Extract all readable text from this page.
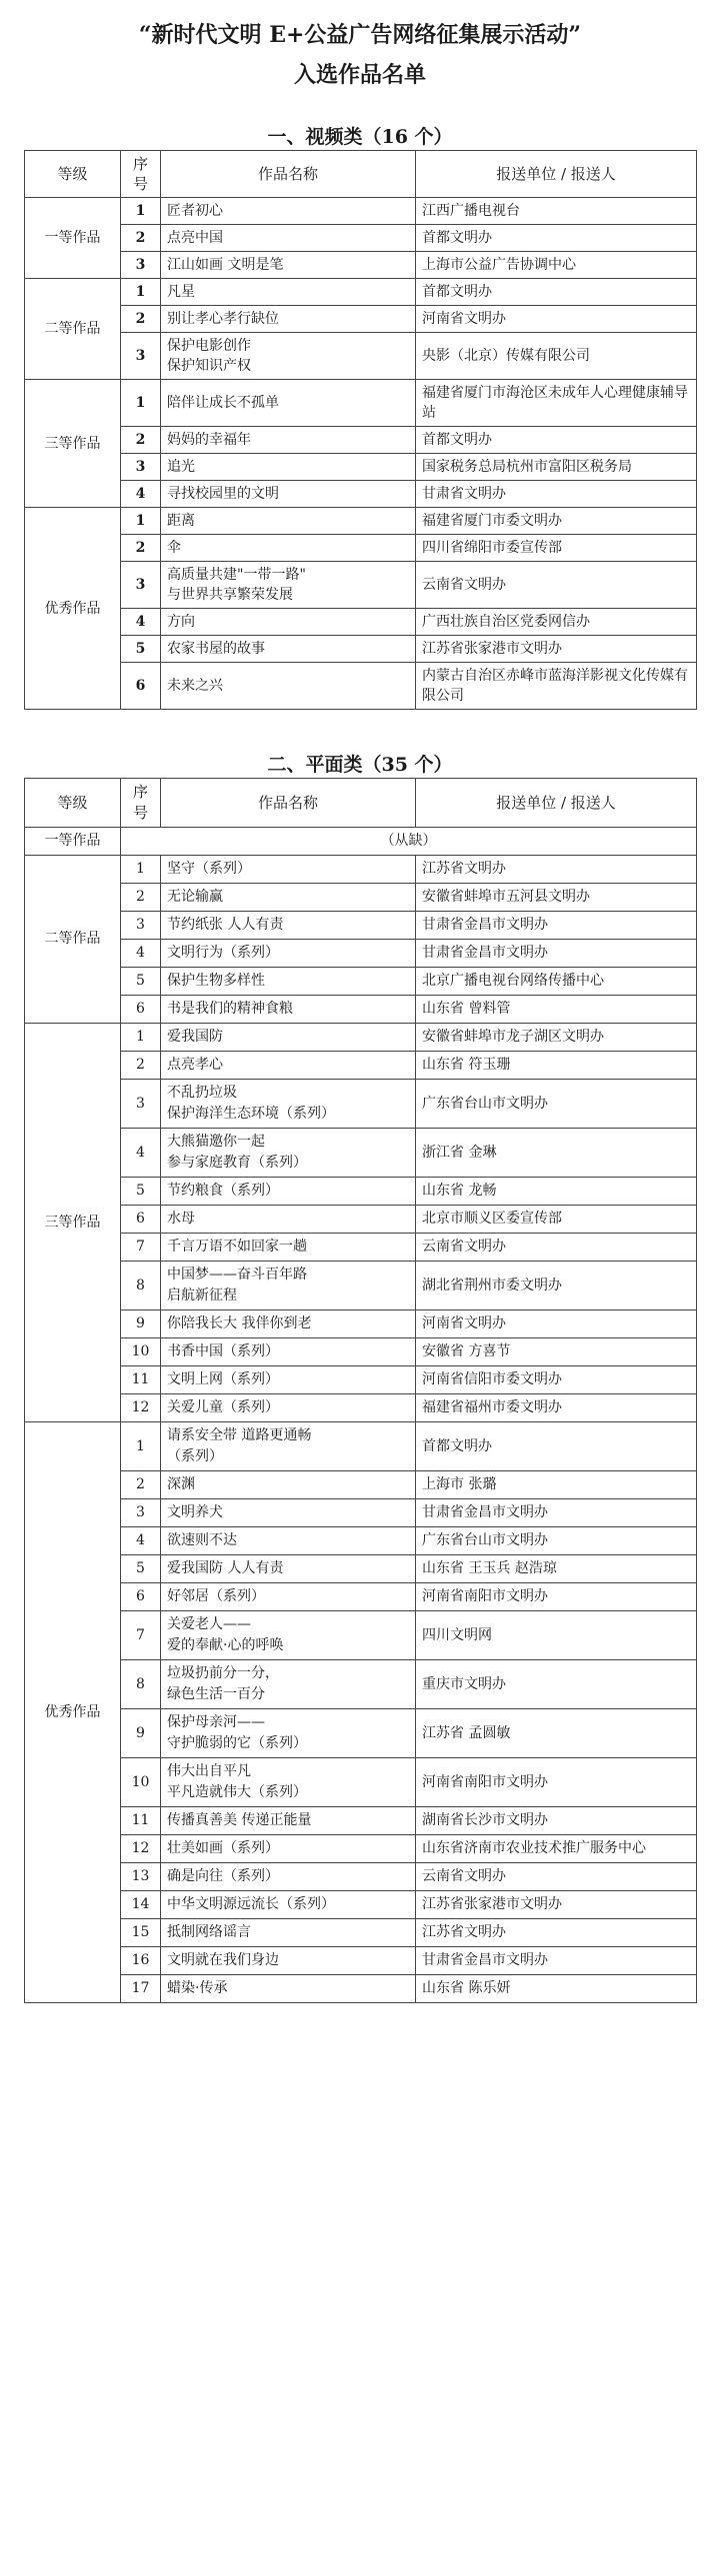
“新时代文明 E+公益广告网络征集展示活动”
入选作品名单
一、视频类（16 个）
等级	序号	作品名称	报送单位 / 报送人
一等作品	1	匠者初心	江西广播电视台
	2	点亮中国	首都文明办
	3	江山如画 文明是笔	上海市公益广告协调中心
二等作品	1	凡星	首都文明办
	2	别让孝心孝行缺位	河南省文明办
	3	保护电影创作
保护知识产权	央影（北京）传媒有限公司
三等作品	1	陪伴让成长不孤单	福建省厦门市海沧区未成年人心理健康辅导站
	2	妈妈的幸福年	首都文明办
	3	追光	国家税务总局杭州市富阳区税务局
	4	寻找校园里的文明	甘肃省文明办
优秀作品	1	距离	福建省厦门市委文明办
	2	伞	四川省绵阳市委宣传部
	3	高质量共建"一带一路"
与世界共享繁荣发展	云南省文明办
	4	方向	广西壮族自治区党委网信办
	5	农家书屋的故事	江苏省张家港市文明办
	6	未来之兴	内蒙古自治区赤峰市蓝海洋影视文化传媒有限公司
二、平面类（35 个）
等级	序号	作品名称	报送单位 / 报送人
一等作品	（从缺）		
二等作品	1	坚守（系列）	江苏省文明办
	2	无论输赢	安徽省蚌埠市五河县文明办
	3	节约纸张 人人有责	甘肃省金昌市文明办
	4	文明行为（系列）	甘肃省金昌市文明办
	5	保护生物多样性	北京广播电视台网络传播中心
	6	书是我们的精神食粮	山东省 曾料管
三等作品	1	爱我国防	安徽省蚌埠市龙子湖区文明办
	2	点亮孝心	山东省 符玉珊
	3	不乱扔垃圾
保护海洋生态环境（系列）	广东省台山市文明办
	4	大熊猫邀你一起
参与家庭教育（系列）	浙江省 金琳
	5	节约粮食（系列）	山东省 龙畅
	6	水母	北京市顺义区委宣传部
	7	千言万语不如回家一趟	云南省文明办
	8	中国梦——奋斗百年路
启航新征程	湖北省荆州市委文明办
	9	你陪我长大 我伴你到老	河南省文明办
	10	书香中国（系列）	安徽省 方喜节
	11	文明上网（系列）	河南省信阳市委文明办
	12	关爱儿童（系列）	福建省福州市委文明办
优秀作品	1	请系安全带 道路更通畅
（系列）	首都文明办
	2	深渊	上海市 张璐
	3	文明养犬	甘肃省金昌市文明办
	4	欲速则不达	广东省台山市文明办
	5	爱我国防 人人有责	山东省 王玉兵 赵浩琼
	6	好邻居（系列）	河南省南阳市文明办
	7	关爱老人——
爱的奉献·心的呼唤	四川文明网
	8	垃圾扔前分一分，
绿色生活一百分	重庆市文明办
	9	保护母亲河——
守护脆弱的它（系列）	江苏省 孟圆敏
	10	伟大出自平凡
平凡造就伟大（系列）	河南省南阳市文明办
	11	传播真善美 传递正能量	湖南省长沙市文明办
	12	壮美如画（系列）	山东省济南市农业技术推广服务中心
	13	确是向往（系列）	云南省文明办
	14	中华文明源远流长（系列）	江苏省张家港市文明办
	15	抵制网络谣言	江苏省文明办
	16	文明就在我们身边	甘肃省金昌市文明办
	17	蜡染·传承	山东省 陈乐妍
